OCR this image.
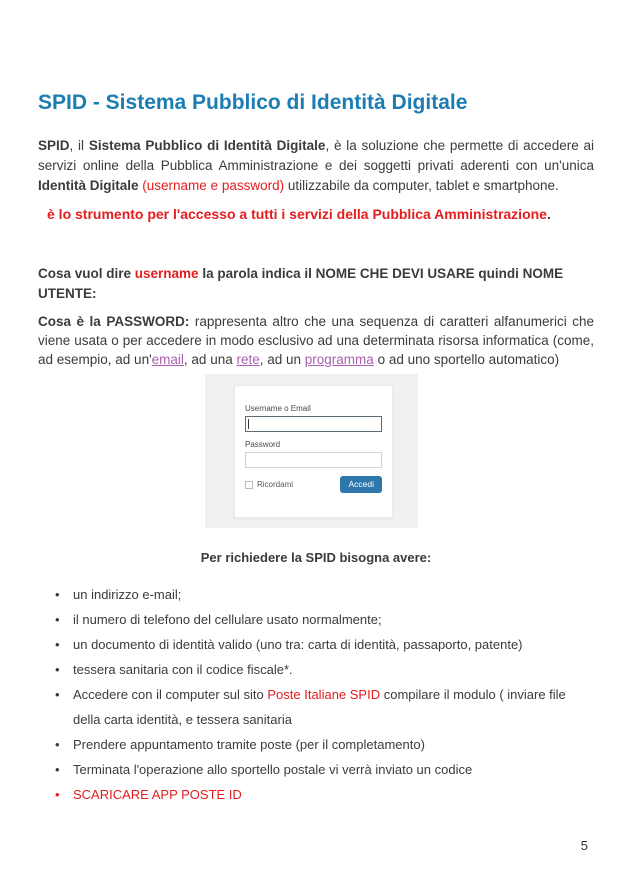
SPID - Sistema Pubblico di Identità Digitale

SPID, il Sistema Pubblico di Identità Digitale, è la soluzione che permette di accedere ai servizi online della Pubblica Amministrazione e dei soggetti privati aderenti con un'unica Identità Digitale (username e password) utilizzabile da computer, tablet e smartphone.

è lo strumento per l'accesso a tutti i servizi della Pubblica Amministrazione.

Cosa vuol dire username la parola indica il NOME CHE DEVI USARE quindi NOME UTENTE:

Cosa è la PASSWORD: rappresenta altro che una sequenza di caratteri alfanumerici che viene usata o per accedere in modo esclusivo ad una determinata risorsa informatica (come, ad esempio, ad un'email, ad una rete, ad un programma o ad uno sportello automatico)

Username o Email
Password
Ricordami	Accedi

Per richiedere la SPID bisogna avere:

• un indirizzo e-mail;
• il numero di telefono del cellulare usato normalmente;
• un documento di identità valido (uno tra: carta di identità, passaporto, patente)
• tessera sanitaria con il codice fiscale*.
• Accedere con il computer sul sito Poste Italiane SPID compilare il modulo ( inviare file della carta identità, e tessera sanitaria
• Prendere appuntamento tramite poste (per il completamento)
• Terminata l'operazione allo sportello postale vi verrà inviato un codice
• SCARICARE APP POSTE ID
5
